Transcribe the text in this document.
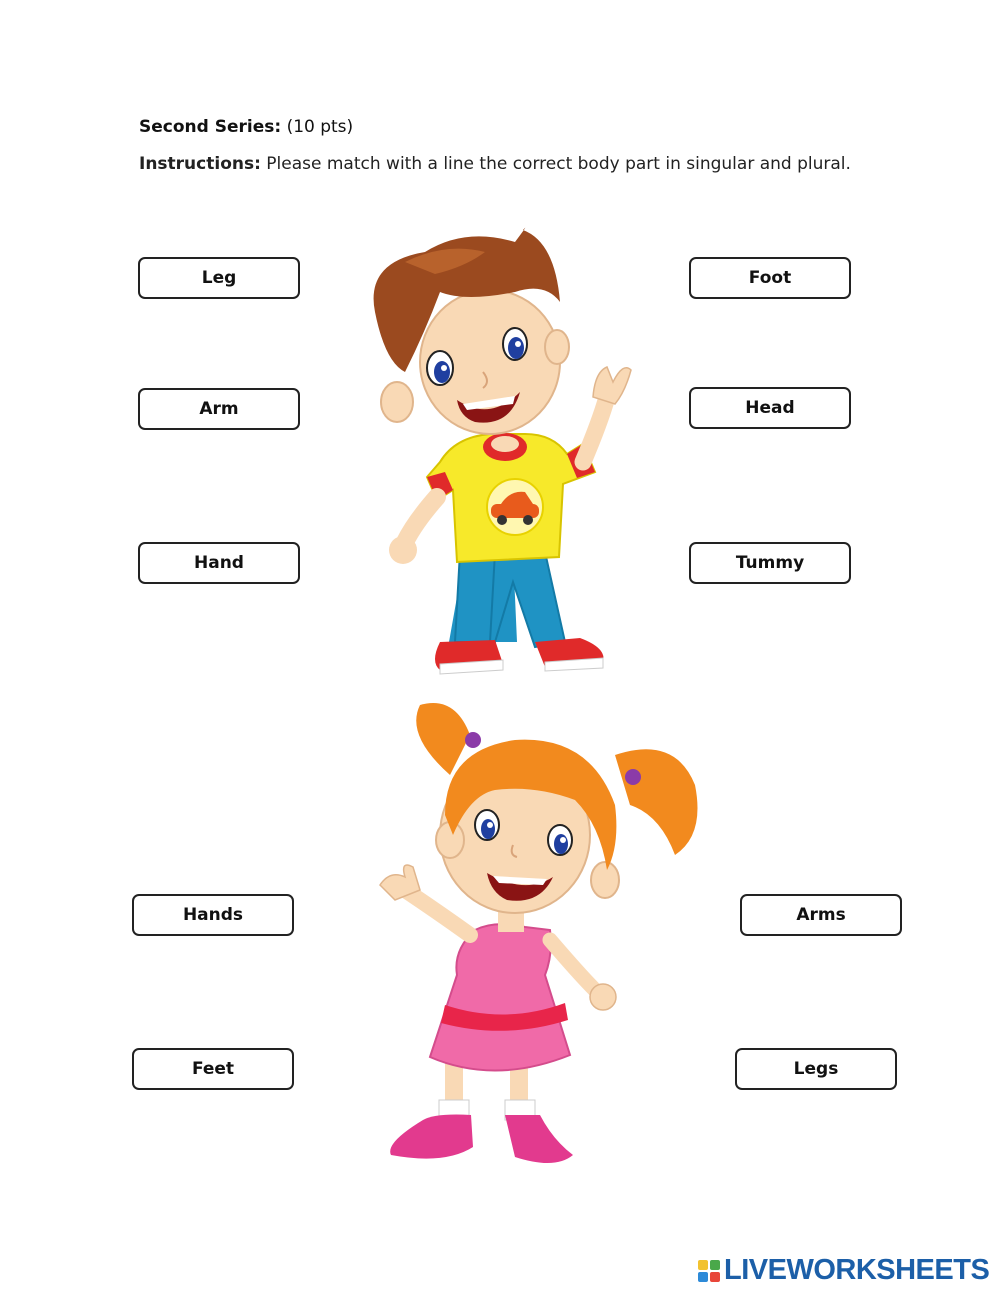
Second Series: (10 pts)
Instructions: Please match with a line the correct body part in singular and plural.
Leg
Arm
Hand
Foot
Head
Tummy
Hands
Feet
Arms
Legs
LIVEWORKSHEETS
